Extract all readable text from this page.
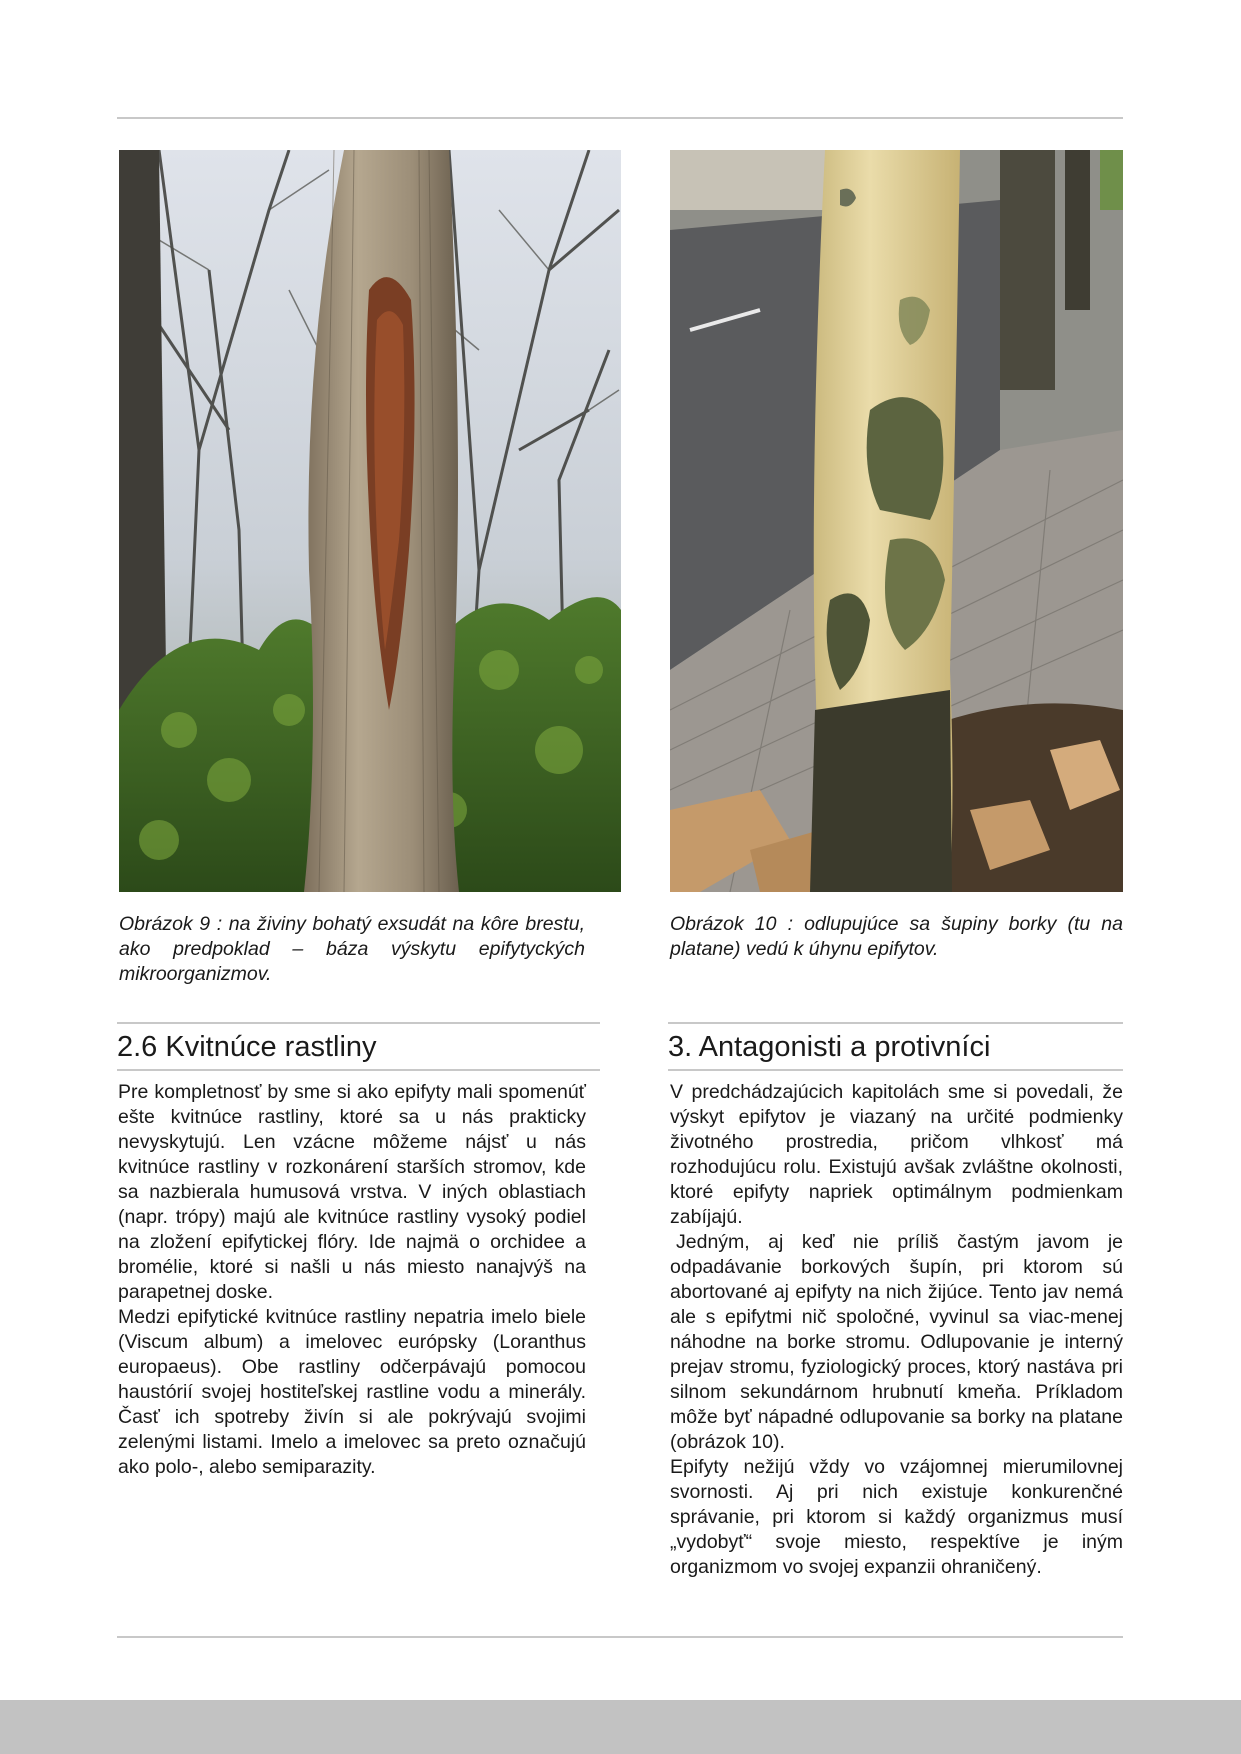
Obrázok 9 : na živiny bohatý exsudát na kôre brestu, ako predpoklad – báza výskytu epifytyckých mikroorganizmov.

Obrázok 10 : odlupujúce sa šupiny borky (tu na platane) vedú k úhynu epifytov.

2.6 Kvitnúce rastliny	3. Antagonisti a protivníci

Pre kompletnosť by sme si ako epifyty mali spomenúť ešte kvitnúce rastliny, ktoré sa u nás prakticky nevyskytujú. Len vzácne môžeme nájsť u nás kvitnúce rastliny v rozkonárení starších stromov, kde sa nazbierala humusová vrstva. V iných oblastiach (napr. trópy) majú ale kvitnúce rastliny vysoký podiel na zložení epifytickej flóry. Ide najmä o orchidee a bromélie, ktoré si našli u nás miesto nanajvýš na parapetnej doske.

Medzi epifytické kvitnúce rastliny nepatria imelo biele (Viscum album) a imelovec európsky (Loranthus europaeus). Obe rastliny odčerpávajú pomocou haustórií svojej hostiteľskej rastline vodu a minerály. Časť ich spotreby živín si ale pokrývajú svojimi zelenými listami. Imelo a imelovec sa preto označujú ako polo-, alebo semiparazity.

V predchádzajúcich kapitolách sme si povedali, že výskyt epifytov je viazaný na určité podmienky životného prostredia, pričom vlhkosť má rozhodujúcu rolu. Existujú avšak zvláštne okolnosti, ktoré epifyty napriek optimálnym podmienkam zabíjajú.

Jedným, aj keď nie príliš častým javom je odpadávanie borkových šupín, pri ktorom sú abortované aj epifyty na nich žijúce. Tento jav nemá ale s epifytmi nič spoločné, vyvinul sa viac-menej náhodne na borke stromu. Odlupovanie je interný prejav stromu, fyziologický proces, ktorý nastáva pri silnom sekundárnom hrubnutí kmeňa. Príkladom môže byť nápadné odlupovanie sa borky na platane (obrázok 10).

Epifyty nežijú vždy vo vzájomnej mierumilovnej svornosti. Aj pri nich existuje konkurenčné správanie, pri ktorom si každý organizmus musí „vydobyť“ svoje miesto, respektíve je iným organizmom vo svojej expanzii ohraničený.
